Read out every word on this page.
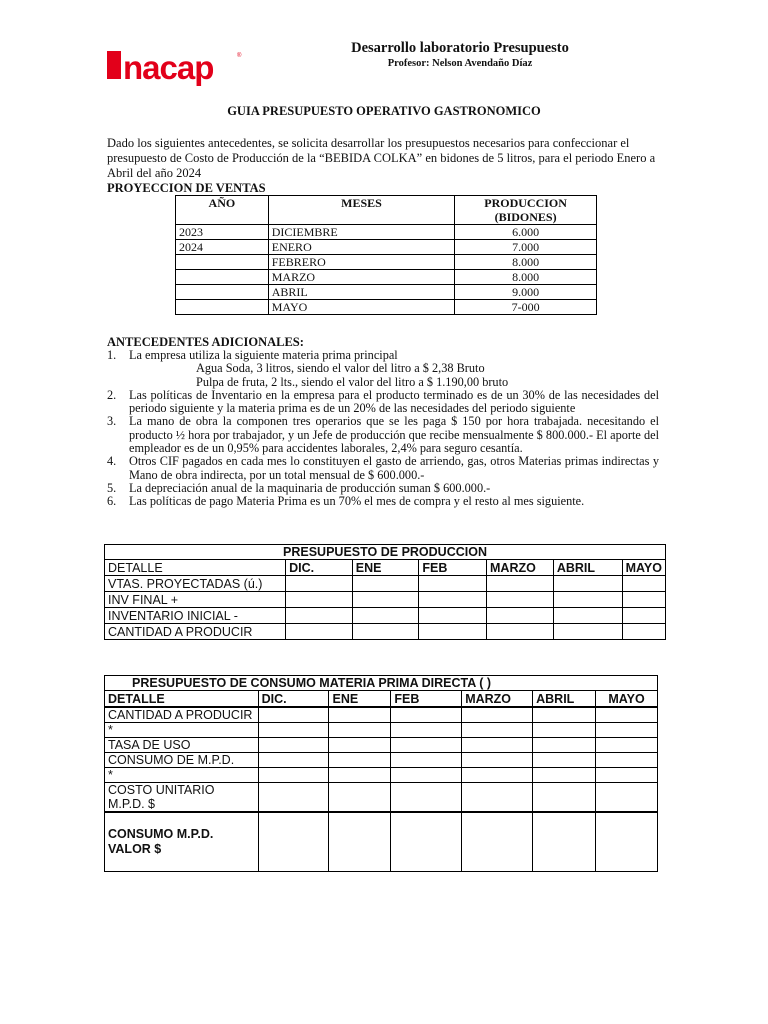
nacap	®	Desarrollo laboratorio Presupuesto
Profesor: Nelson Avendaño Díaz
GUIA PRESUPUESTO OPERATIVO GASTRONOMICO
Dado los siguientes antecedentes, se solicita desarrollar los presupuestos necesarios para confeccionar el presupuesto de Costo de Producción de la “BEBIDA COLKA” en bidones de 5 litros, para el periodo Enero a Abril del año 2024
PROYECCION DE VENTAS
AÑO	MESES	PRODUCCION
(BIDONES)

2023	DICIEMBRE	6.000
2024	ENERO	7.000
	FEBRERO	8.000
	MARZO	8.000
	ABRIL	9.000
	MAYO	7-000
ANTECEDENTES ADICIONALES:
1. La empresa utiliza la siguiente materia prima principal
Agua Soda, 3 litros, siendo el valor del litro a $ 2,38 Bruto
Pulpa de fruta, 2 lts., siendo el valor del litro a $ 1.190,00 bruto
2. Las políticas de Inventario en la empresa para el producto terminado es de un 30% de las necesidades del periodo siguiente y la materia prima es de un 20% de las necesidades del periodo siguiente
3. La mano de obra la componen tres operarios que se les paga $ 150 por hora trabajada. necesitando el producto ½ hora por trabajador, y un Jefe de producción que recibe mensualmente $ 800.000.- El aporte del empleador es de un 0,95% para accidentes laborales, 2,4% para seguro cesantía.
4. Otros CIF pagados en cada mes lo constituyen el gasto de arriendo, gas, otros Materias primas indirectas y Mano de obra indirecta, por un total mensual de $ 600.000.-
5. La depreciación anual de la maquinaria de producción suman $ 600.000.-
6. Las políticas de pago Materia Prima es un 70% el mes de compra y el resto al mes siguiente.
PRESUPUESTO DE PRODUCCION						
DETALLE	DIC.	ENE	FEB	MARZO	ABRIL	MAYO
VTAS. PROYECTADAS (ú.)						
INV FINAL +						
INVENTARIO INICIAL -						
CANTIDAD A PRODUCIR						
PRESUPUESTO DE CONSUMO MATERIA PRIMA DIRECTA ( )						
DETALLE	DIC.	ENE	FEB	MARZO	ABRIL	MAYO
CANTIDAD A PRODUCIR						
*						
TASA DE USO						
CONSUMO DE M.P.D.						
*						

COSTO UNITARIO
M.P.D. $						

CONSUMO M.P.D.
VALOR $						
